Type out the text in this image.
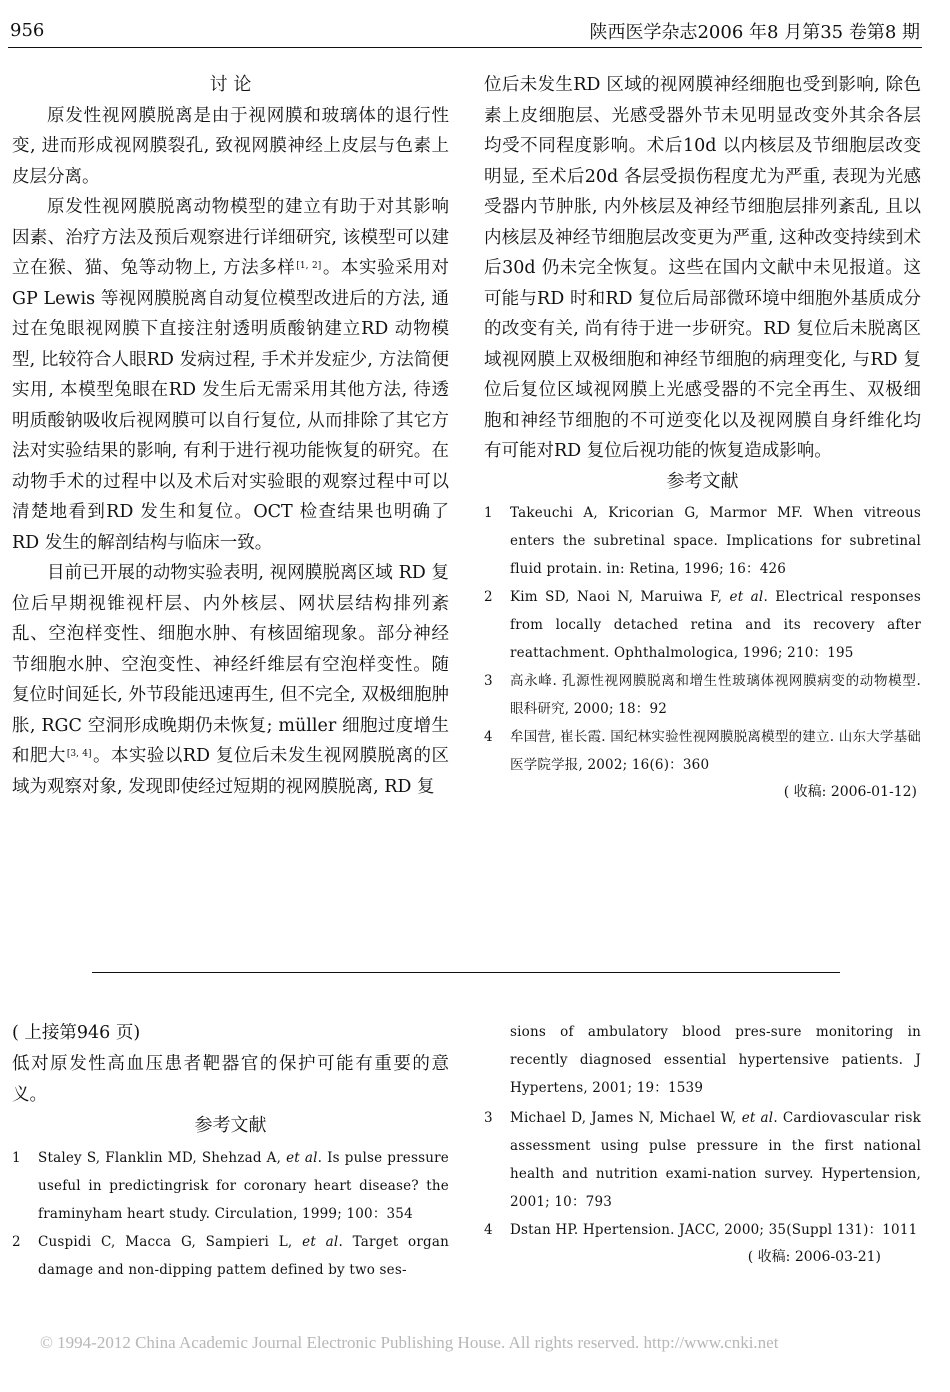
956	陕西医学杂志2006 年8 月第35 卷第8 期

讨 论

原发性视网膜脱离是由于视网膜和玻璃体的退行性变, 进而形成视网膜裂孔, 致视网膜神经上皮层与色素上皮层分离。

原发性视网膜脱离动物模型的建立有助于对其影响因素、治疗方法及预后观察进行详细研究, 该模型可以建立在猴、猫、兔等动物上, 方法多样[1, 2]。本实验采用对GP Lewis 等视网膜脱离自动复位模型改进后的方法, 通过在兔眼视网膜下直接注射透明质酸钠建立RD 动物模型, 比较符合人眼RD 发病过程, 手术并发症少, 方法简便实用, 本模型兔眼在RD 发生后无需采用其他方法, 待透明质酸钠吸收后视网膜可以自行复位, 从而排除了其它方法对实验结果的影响, 有利于进行视功能恢复的研究。在动物手术的过程中以及术后对实验眼的观察过程中可以清楚地看到RD 发生和复位。OCT 检查结果也明确了RD 发生的解剖结构与临床一致。

目前已开展的动物实验表明, 视网膜脱离区域 RD 复位后早期视锥视杆层、内外核层、网状层结构排列紊乱、空泡样变性、细胞水肿、有核固缩现象。部分神经节细胞水肿、空泡变性、神经纤维层有空泡样变性。随复位时间延长, 外节段能迅速再生, 但不完全, 双极细胞肿胀, RGC 空洞形成晚期仍未恢复; müller 细胞过度增生和肥大[3, 4]。本实验以RD 复位后未发生视网膜脱离的区域为观察对象, 发现即使经过短期的视网膜脱离, RD 复

位后未发生RD 区域的视网膜神经细胞也受到影响, 除色素上皮细胞层、光感受器外节未见明显改变外其余各层均受不同程度影响。术后10d 以内核层及节细胞层改变明显, 至术后20d 各层受损伤程度尤为严重, 表现为光感受器内节肿胀, 内外核层及神经节细胞层排列紊乱, 且以内核层及神经节细胞层改变更为严重, 这种改变持续到术后30d 仍未完全恢复。这些在国内文献中未见报道。这可能与RD 时和RD 复位后局部微环境中细胞外基质成分的改变有关, 尚有待于进一步研究。RD 复位后未脱离区域视网膜上双极细胞和神经节细胞的病理变化, 与RD 复位后复位区域视网膜上光感受器的不完全再生、双极细胞和神经节细胞的不可逆变化以及视网膜自身纤维化均有可能对RD 复位后视功能的恢复造成影响。

参考文献

1	Takeuchi A, Kricorian G, Marmor MF. When vitreous enters the subretinal space. Implications for subretinal fluid protain. in: Retina, 1996; 16：426
2	Kim SD, Naoi N, Maruiwa F, et al. Electrical responses from locally detached retina and its recovery after reattachment. Ophthalmologica, 1996; 210：195
3	高永峰. 孔源性视网膜脱离和增生性玻璃体视网膜病变的动物模型. 眼科研究, 2000; 18：92
4	牟国营, 崔长霞. 国纪林实验性视网膜脱离模型的建立. 山东大学基础医学院学报, 2002; 16(6)：360
( 收稿: 2006-01-12)

( 上接第946 页)

低对原发性高血压患者靶器官的保护可能有重要的意义。

参考文献

1	Staley S, Flanklin MD, Shehzad A, et al. Is pulse pressure useful in predictingrisk for coronary heart disease? the framinyham heart study. Circulation, 1999; 100：354
2	Cuspidi C, Macca G, Sampieri L, et al. Target organ damage and non-dipping pattem defined by two ses-
sions of ambulatory blood pres-sure monitoring in recently diagnosed essential hypertensive patients. J Hypertens, 2001; 19：1539
3	Michael D, James N, Michael W, et al. Cardiovascular risk assessment using pulse pressure in the first national health and nutrition exami-nation survey. Hypertension, 2001; 10：793
4	Dstan HP. Hpertension. JACC, 2000; 35(Suppl 131)：1011
( 收稿: 2006-03-21)
© 1994-2012 China Academic Journal Electronic Publishing House. All rights reserved. http://www.cnki.net
